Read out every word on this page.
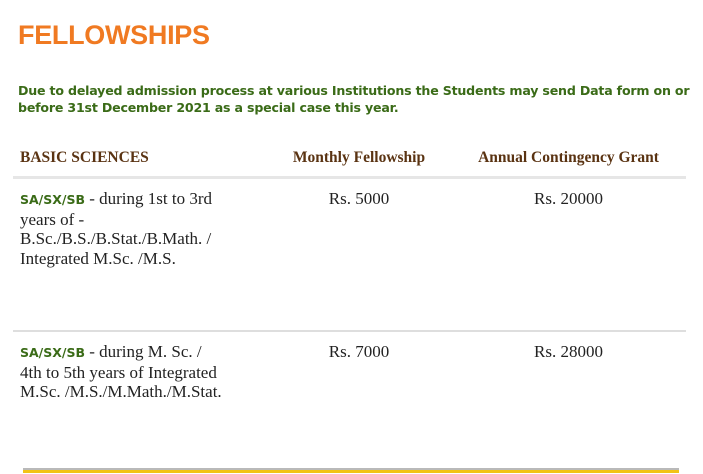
FELLOWSHIPS

Due to delayed admission process at various Institutions the Students may send Data form on or before 31st December 2021 as a special case this year.

BASIC SCIENCES	Monthly Fellowship	Annual Contingency Grant
SA/SX/SB - during 1st to 3rd
years of -
B.Sc./B.S./B.Stat./B.Math. /
Integrated M.Sc. /M.S.	Rs. 5000	Rs. 20000
SA/SX/SB - during M. Sc. /
4th to 5th years of Integrated
M.Sc. /M.S./M.Math./M.Stat.	Rs. 7000	Rs. 28000
